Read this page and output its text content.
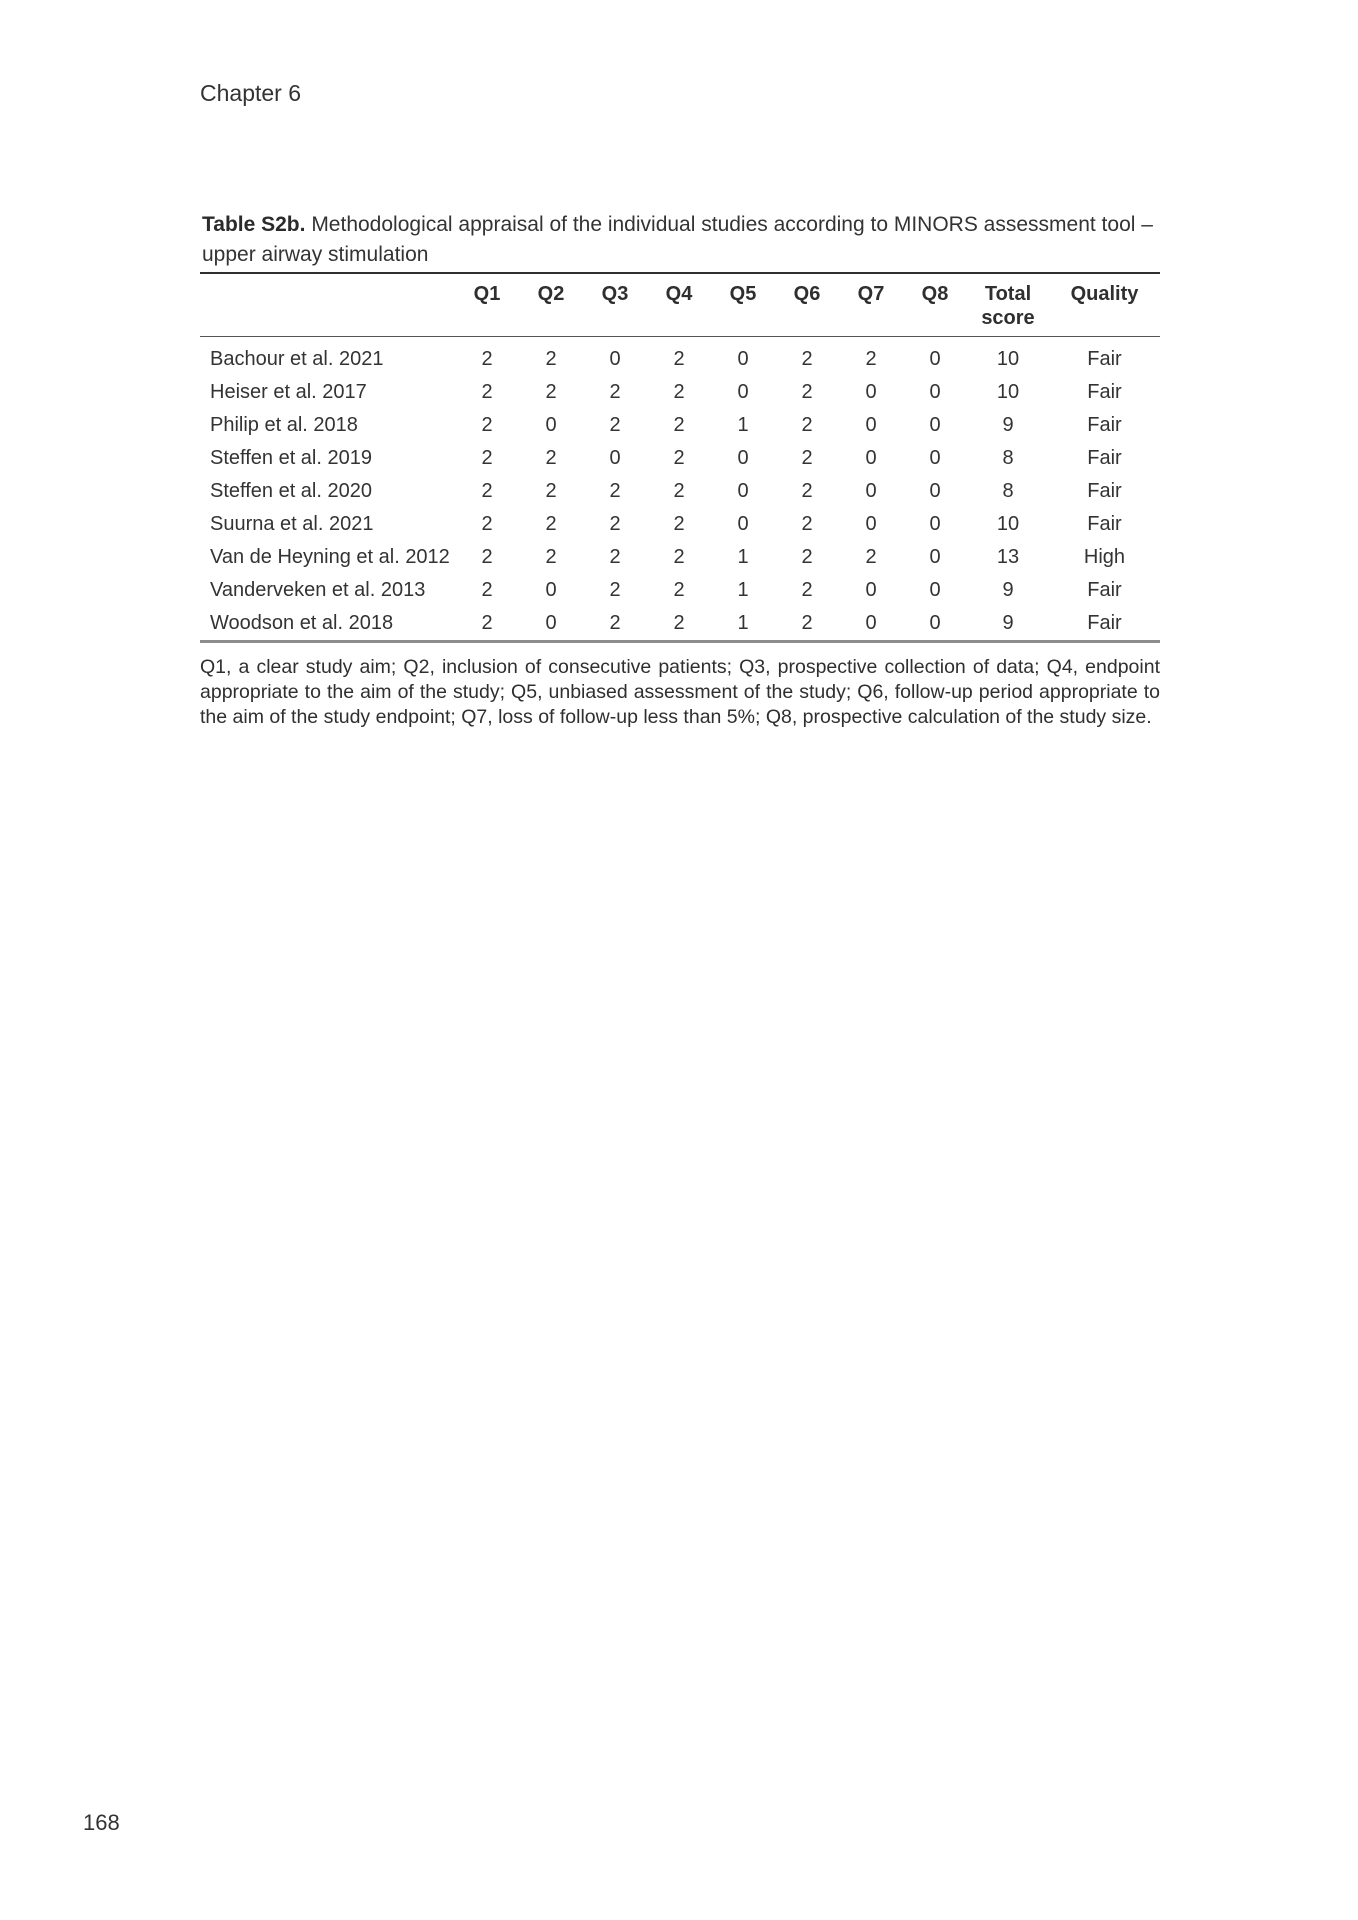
Chapter 6

Table S2b. Methodological appraisal of the individual studies according to MINORS assessment tool – upper airway stimulation

	Q1	Q2	Q3	Q4	Q5	Q6	Q7	Q8	Total score	Quality
Bachour et al. 2021	2	2	0	2	0	2	2	0	10	Fair
Heiser et al. 2017	2	2	2	2	0	2	0	0	10	Fair
Philip et al. 2018	2	0	2	2	1	2	0	0	9	Fair
Steffen et al. 2019	2	2	0	2	0	2	0	0	8	Fair
Steffen et al. 2020	2	2	2	2	0	2	0	0	8	Fair
Suurna et al. 2021	2	2	2	2	0	2	0	0	10	Fair
Van de Heyning et al. 2012	2	2	2	2	1	2	2	0	13	High
Vanderveken et al. 2013	2	0	2	2	1	2	0	0	9	Fair
Woodson et al. 2018	2	0	2	2	1	2	0	0	9	Fair

Q1, a clear study aim; Q2, inclusion of consecutive patients; Q3, prospective collection of data; Q4, endpoint appropriate to the aim of the study; Q5, unbiased assessment of the study; Q6, follow-up period appropriate to the aim of the study endpoint; Q7, loss of follow-up less than 5%; Q8, prospective calculation of the study size.

168
